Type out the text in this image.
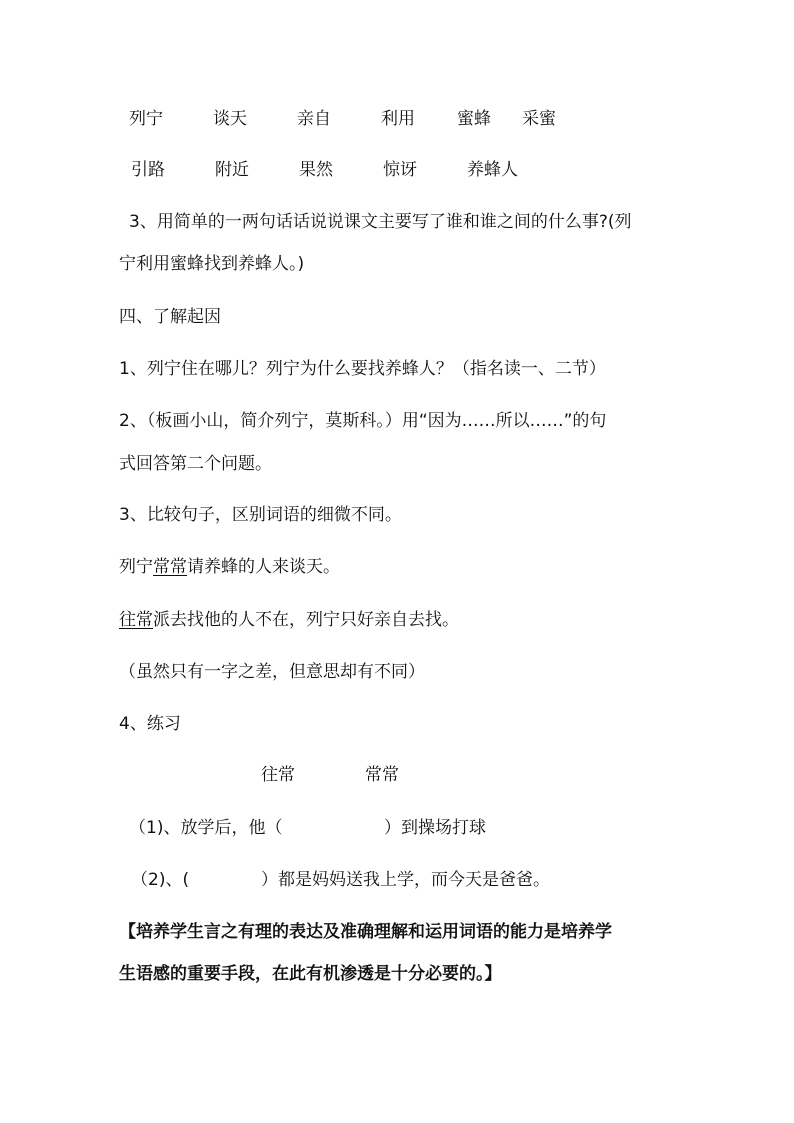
列宁	谈天	亲自	利用 蜜蜂 采蜜
引路	附近	果然	惊讶	养蜂人
3、用简单的一两句话话说说课文主要写了谁和谁之间的什么事?(列
宁利用蜜蜂找到养蜂人。)
四、了解起因
1、列宁住在哪儿？列宁为什么要找养蜂人？（指名读一、二节）
2、（板画小山，简介列宁，莫斯科。）用“因为……所以……”的句
式回答第二个问题。
3、比较句子，区别词语的细微不同。
列宁常常请养蜂的人来谈天。
往常派去找他的人不在，列宁只好亲自去找。
（虽然只有一字之差，但意思却有不同）
4、练习
往常	常常
（1)、放学后，他（	）到操场打球
（2)、(	）都是妈妈送我上学，而今天是爸爸。
【培养学生言之有理的表达及准确理解和运用词语的能力是培养学
生语感的重要手段，在此有机渗透是十分必要的。】
